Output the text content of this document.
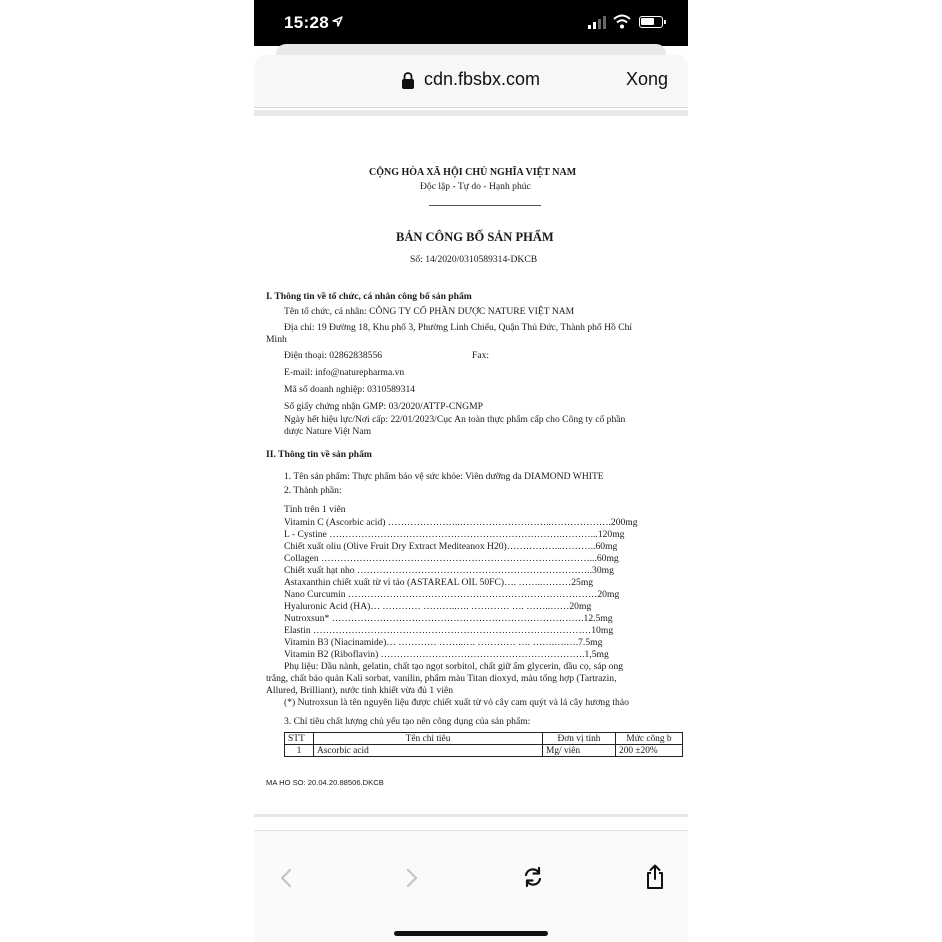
15:28
cdn.fbsbx.com	Xong
CỘNG HÒA XÃ HỘI CHỦ NGHĨA VIỆT NAM
Độc lập - Tự do - Hạnh phúc
BẢN CÔNG BỐ SẢN PHẨM
Số: 14/2020/0310589314-DKCB
I. Thông tin về tổ chức, cá nhân công bố sản phẩm
Tên tổ chức, cá nhân: CÔNG TY CỔ PHẦN DƯỢC NATURE VIỆT NAM
Địa chỉ: 19 Đường 18, Khu phố 3, Phường Linh Chiểu, Quận Thủ Đức, Thành phố Hồ Chí
Minh
Điện thoại: 02862838556	Fax:
E-mail: info@naturepharma.vn
Mã số doanh nghiệp: 0310589314
Số giấy chứng nhận GMP: 03/2020/ATTP-CNGMP
Ngày hết hiệu lực/Nơi cấp: 22/01/2023/Cục An toàn thực phẩm cấp cho Công ty cổ phần
dược Nature Việt Nam
II. Thông tin về sản phẩm
1. Tên sản phẩm: Thực phẩm bảo vệ sức khỏe: Viên dưỡng da DIAMOND WHITE
2. Thành phần:
Tính trên 1 viên
Vitamin C (Ascorbic acid) …………………..………………………..……………….200mg
L - Cystine ……………………………………………………………….………...120mg
Chiết xuất oliu (Olive Fruit Dry Extract Mediteanox H20)……………...………..60mg
Collagen …………………………………………………………………………...60mg
Chiết xuất hạt nho ………………………………………………………………..30mg
Astaxanthin chiết xuất từ vi tảo (ASTAREAL OIL 50FC)…. ……..………25mg
Nano Curcumin ……………………………………………………………………20mg
Hyaluronic Acid (HA)… ………… ………..…. ………… …. ……..……20mg
Nutroxsun* …………………………………………………………………….12.5mg
Elastin ……………………………………………………………………………10mg
Vitamin B3 (Niacinamide)… ………… ……..…. ………… …. …….….….7.5mg
Vitamin B2 (Riboflavin) ……………………………………………………….1,5mg
Phụ liệu: Dầu nành, gelatin, chất tạo ngọt sorbitol, chất giữ ẩm glycerin, dầu cọ, sáp ong
trắng, chất bảo quản Kali sorbat, vanilin, phẩm màu Titan dioxyd, màu tổng hợp (Tartrazin,
Allured, Brilliant), nước tinh khiết vừa đủ 1 viên
(*) Nutroxsun là tên nguyên liệu được chiết xuất từ vỏ cây cam quýt và lá cây hương thảo
3. Chỉ tiêu chất lượng chủ yếu tạo nên công dụng của sản phẩm:
STT	Tên chỉ tiêu	Đơn vị tính	Mức công b
1	Ascorbic acid	Mg/ viên	200 ±20%
MA HO SO: 20.04.20.88506.DKCB
